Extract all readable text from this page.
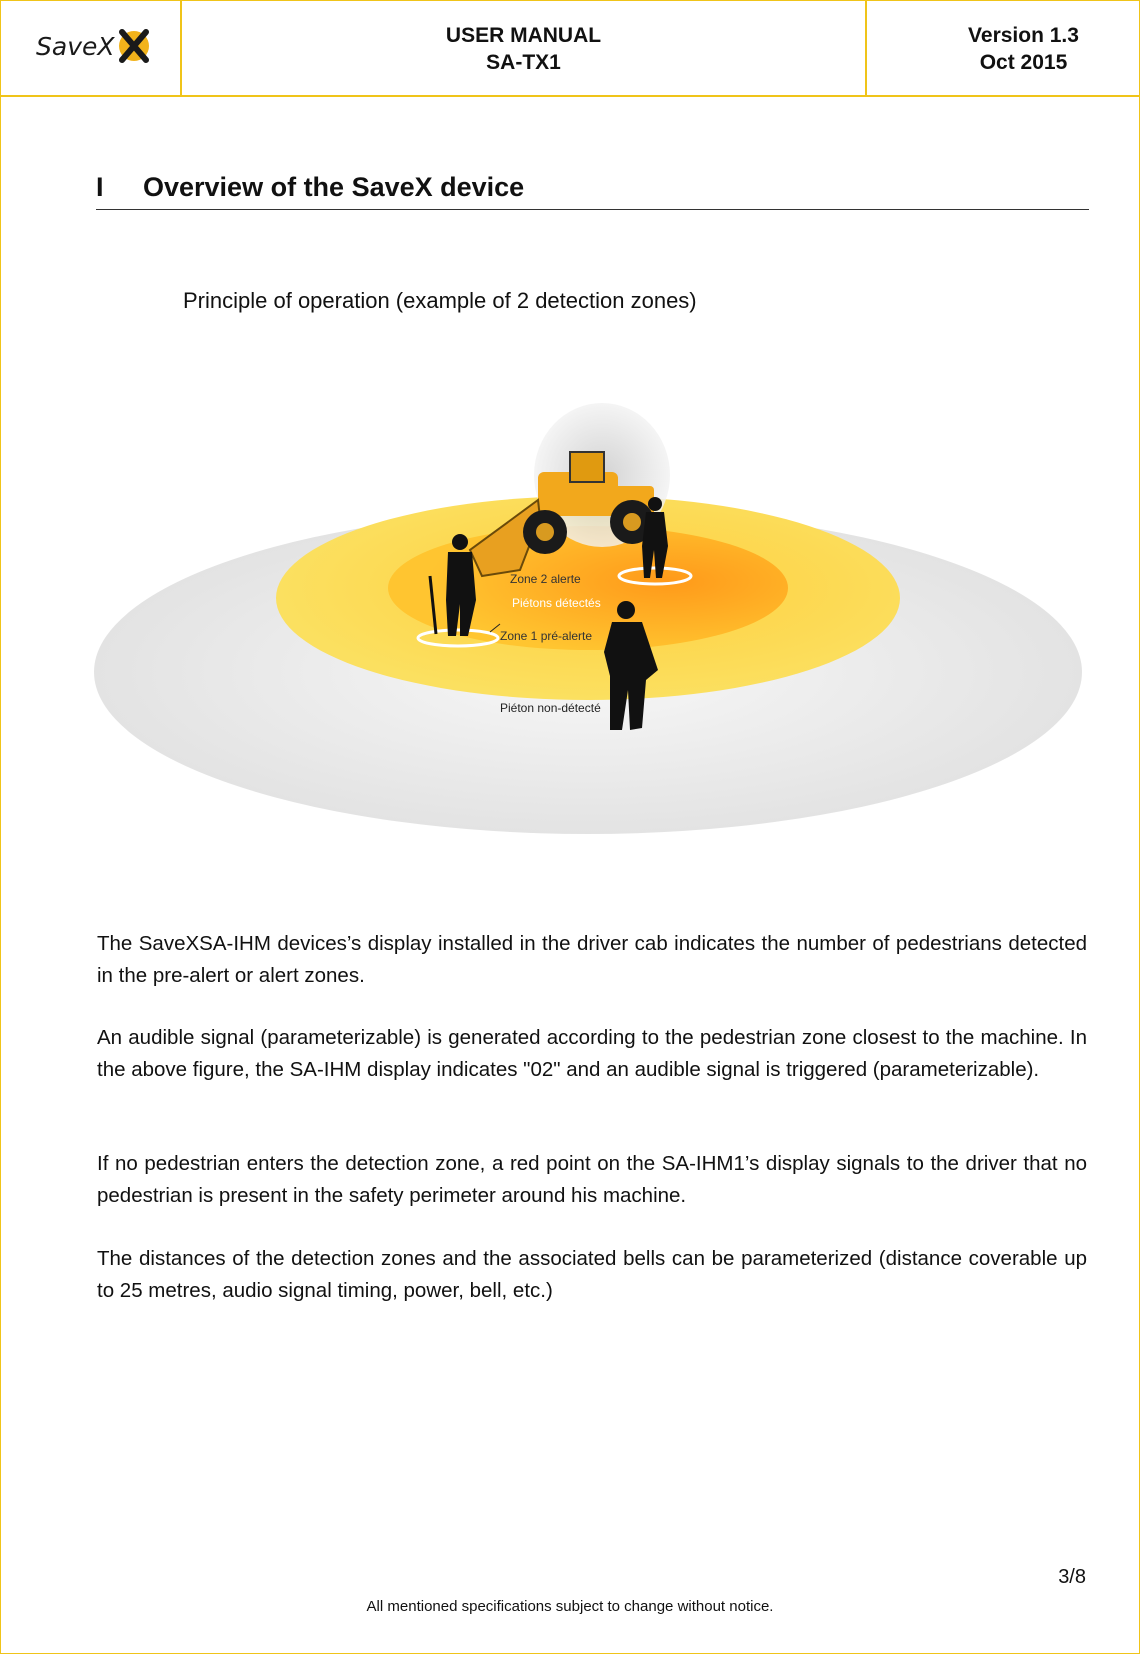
SaveX	USER MANUAL
SA-TX1
Version 1.3
Oct 2015
I Overview of the SaveX device
Principle of operation (example of 2 detection zones)
Zone 2 alerte
Piétons détectés
Zone 1 pré-alerte
Piéton non-détecté
The SaveXSA-IHM devices’s display installed in the driver cab indicates the number of pedestrians detected in the pre-alert or alert zones.
An audible signal (parameterizable) is generated according to the pedestrian zone closest to the machine. In the above figure, the SA-IHM display indicates "02" and an audible signal is triggered (parameterizable).
If no pedestrian enters the detection zone, a red point on the SA-IHM1’s display signals to the driver that no pedestrian is present in the safety perimeter around his machine.
The distances of the detection zones and the associated bells can be parameterized (distance coverable up to 25 metres, audio signal timing, power, bell, etc.)
3/8
All mentioned specifications subject to change without notice.
